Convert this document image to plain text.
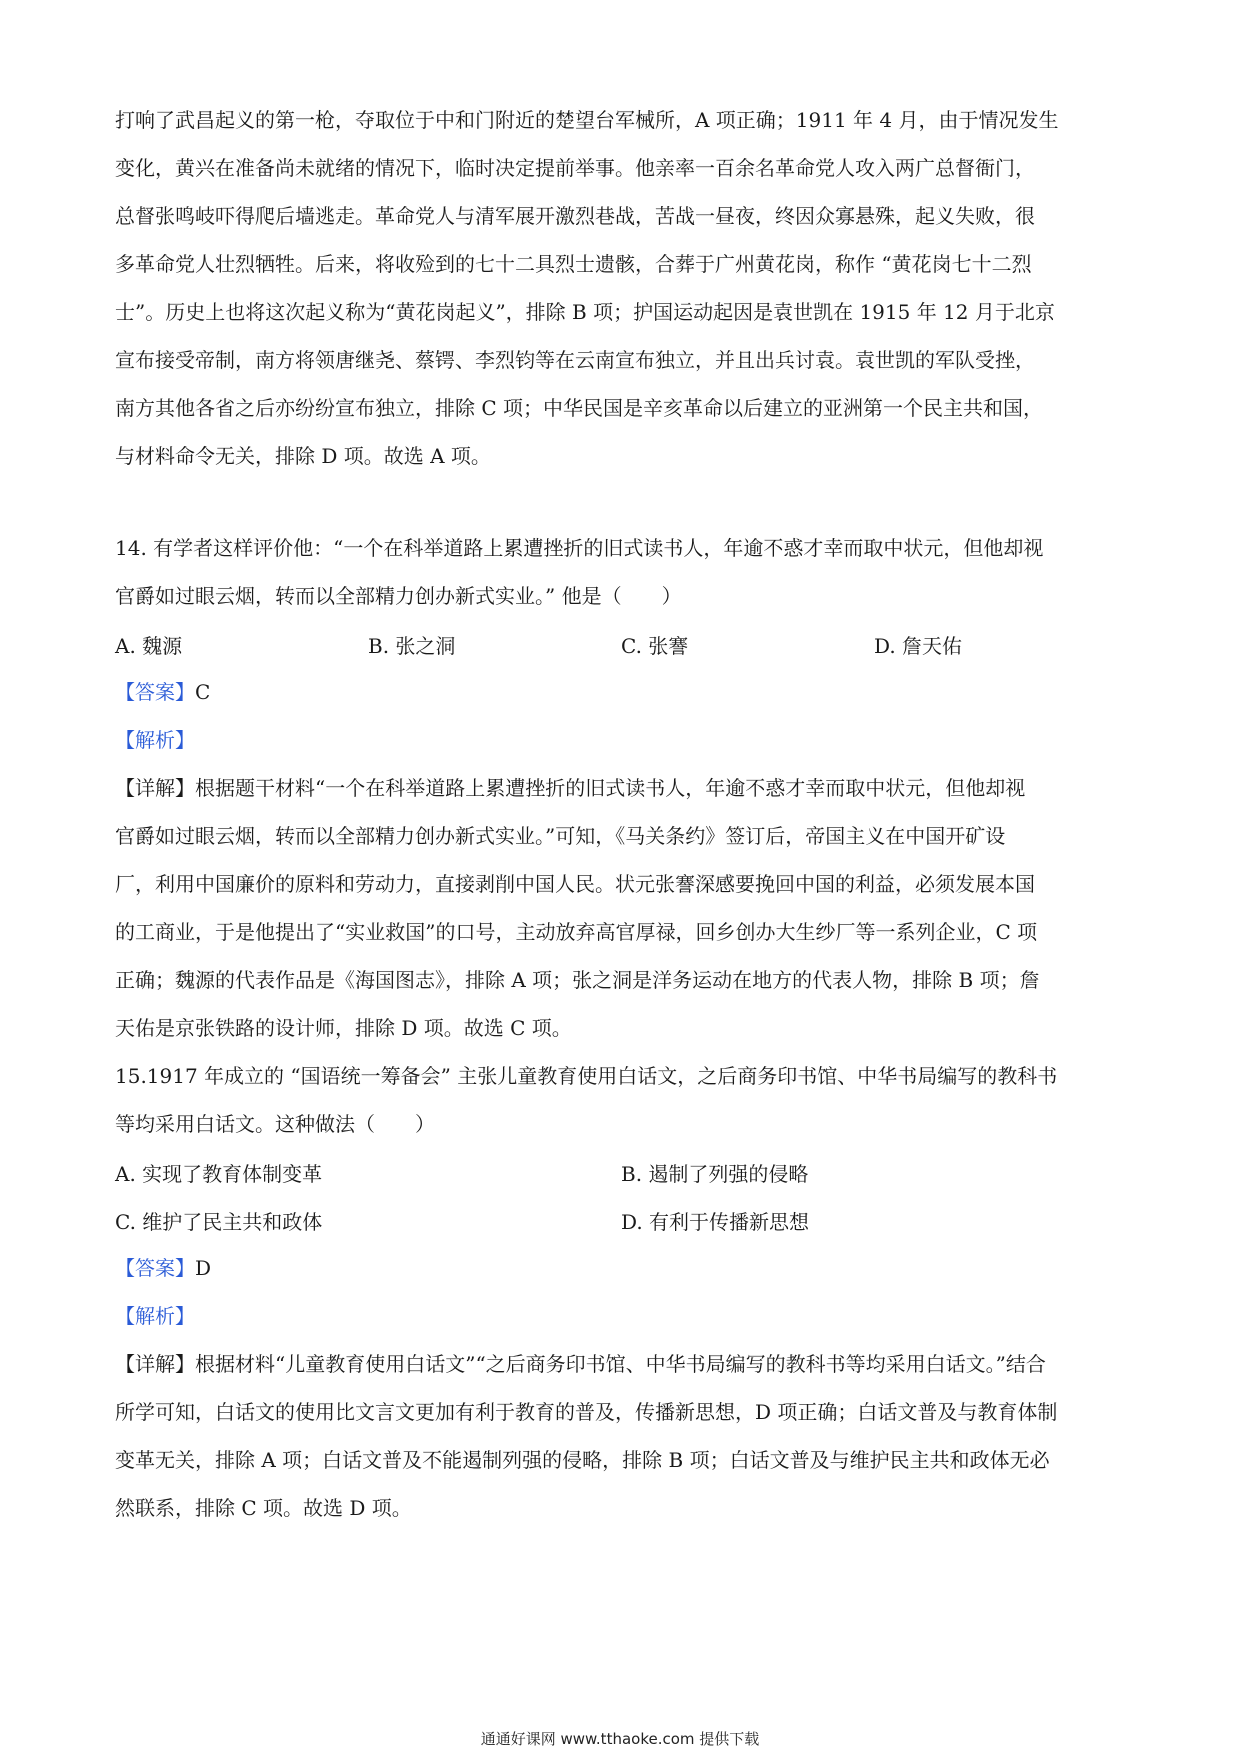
打响了武昌起义的第一枪，夺取位于中和门附近的楚望台军械所，A 项正确；1911 年 4 月，由于情况发生
变化，黄兴在准备尚未就绪的情况下，临时决定提前举事。他亲率一百余名革命党人攻入两广总督衙门，
总督张鸣岐吓得爬后墙逃走。革命党人与清军展开激烈巷战，苦战一昼夜，终因众寡悬殊，起义失败，很
多革命党人壮烈牺牲。后来，将收殓到的七十二具烈士遗骸，合葬于广州黄花岗，称作 “黄花岗七十二烈
士”。历史上也将这次起义称为“黄花岗起义”，排除 B 项；护国运动起因是袁世凯在 1915 年 12 月于北京
宣布接受帝制，南方将领唐继尧、蔡锷、李烈钧等在云南宣布独立，并且出兵讨袁。袁世凯的军队受挫，
南方其他各省之后亦纷纷宣布独立，排除 C 项；中华民国是辛亥革命以后建立的亚洲第一个民主共和国，
与材料命令无关，排除 D 项。故选 A 项。
14. 有学者这样评价他：“一个在科举道路上累遭挫折的旧式读书人，年逾不惑才幸而取中状元，但他却视
官爵如过眼云烟，转而以全部精力创办新式实业。” 他是（　　）
A. 魏源	B. 张之洞	C. 张謇	D. 詹天佑
【答案】C
【解析】
【详解】根据题干材料“一个在科举道路上累遭挫折的旧式读书人，年逾不惑才幸而取中状元，但他却视
官爵如过眼云烟，转而以全部精力创办新式实业。”可知，《马关条约》签订后，帝国主义在中国开矿设
厂，利用中国廉价的原料和劳动力，直接剥削中国人民。状元张謇深感要挽回中国的利益，必须发展本国
的工商业，于是他提出了“实业救国”的口号，主动放弃高官厚禄，回乡创办大生纱厂等一系列企业，C 项
正确；魏源的代表作品是《海国图志》，排除 A 项；张之洞是洋务运动在地方的代表人物，排除 B 项；詹
天佑是京张铁路的设计师，排除 D 项。故选 C 项。
15.1917 年成立的 “国语统一筹备会” 主张儿童教育使用白话文，之后商务印书馆、中华书局编写的教科书
等均采用白话文。这种做法（　　）
A. 实现了教育体制变革	B. 遏制了列强的侵略
C. 维护了民主共和政体	D. 有利于传播新思想
【答案】D
【解析】
【详解】根据材料“儿童教育使用白话文”“之后商务印书馆、中华书局编写的教科书等均采用白话文。”结合
所学可知，白话文的使用比文言文更加有利于教育的普及，传播新思想，D 项正确；白话文普及与教育体制
变革无关，排除 A 项；白话文普及不能遏制列强的侵略，排除 B 项；白话文普及与维护民主共和政体无必
然联系，排除 C 项。故选 D 项。
通通好课网 www.tthaoke.com 提供下载
